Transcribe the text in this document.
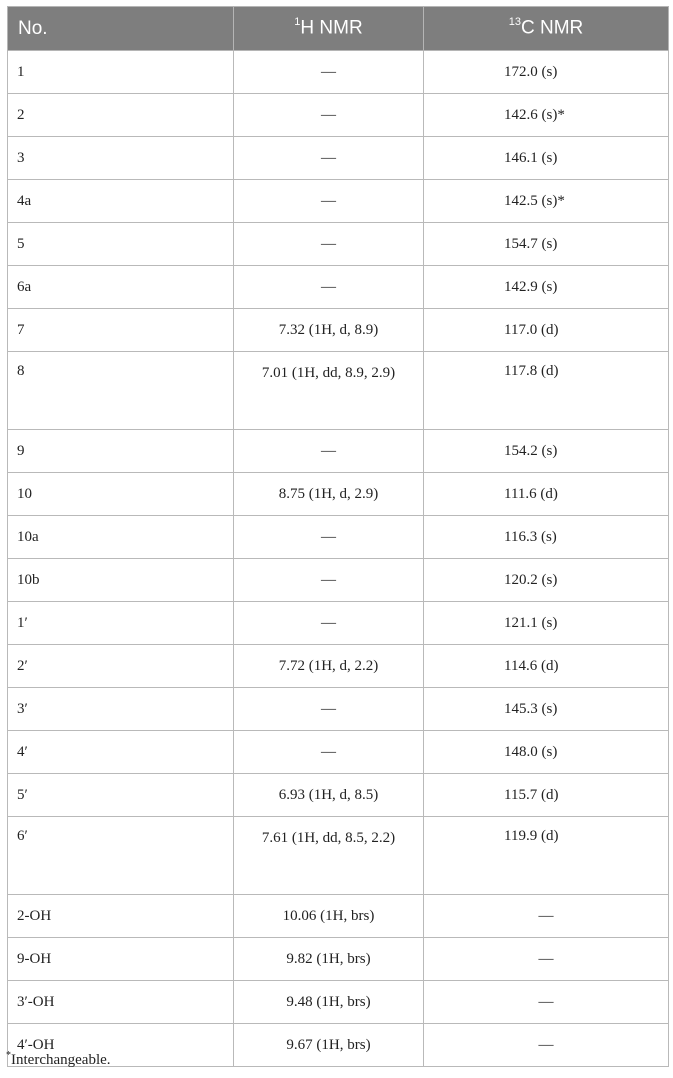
No.	$^1$H NMR	$^{13}$C NMR
1	—	172.0 (s)
2	—	142.6 (s)*
3	—	146.1 (s)
4a	—	142.5 (s)*
5	—	154.7 (s)
6a	—	142.9 (s)
7	7.32 (1H, d, 8.9)	117.0 (d)
8	7.01 (1H, dd, 8.9, 2.9)	117.8 (d)
9	—	154.2 (s)
10	8.75 (1H, d, 2.9)	111.6 (d)
10a	—	116.3 (s)
10b	—	120.2 (s)
1′	—	121.1 (s)
2′	7.72 (1H, d, 2.2)	114.6 (d)
3′	—	145.3 (s)
4′	—	148.0 (s)
5′	6.93 (1H, d, 8.5)	115.7 (d)
6′	7.61 (1H, dd, 8.5, 2.2)	119.9 (d)
2-OH	10.06 (1H, brs)	—
9-OH	9.82 (1H, brs)	—
3′-OH	9.48 (1H, brs)	—
4′-OH	9.67 (1H, brs)	—
*Interchangeable.
